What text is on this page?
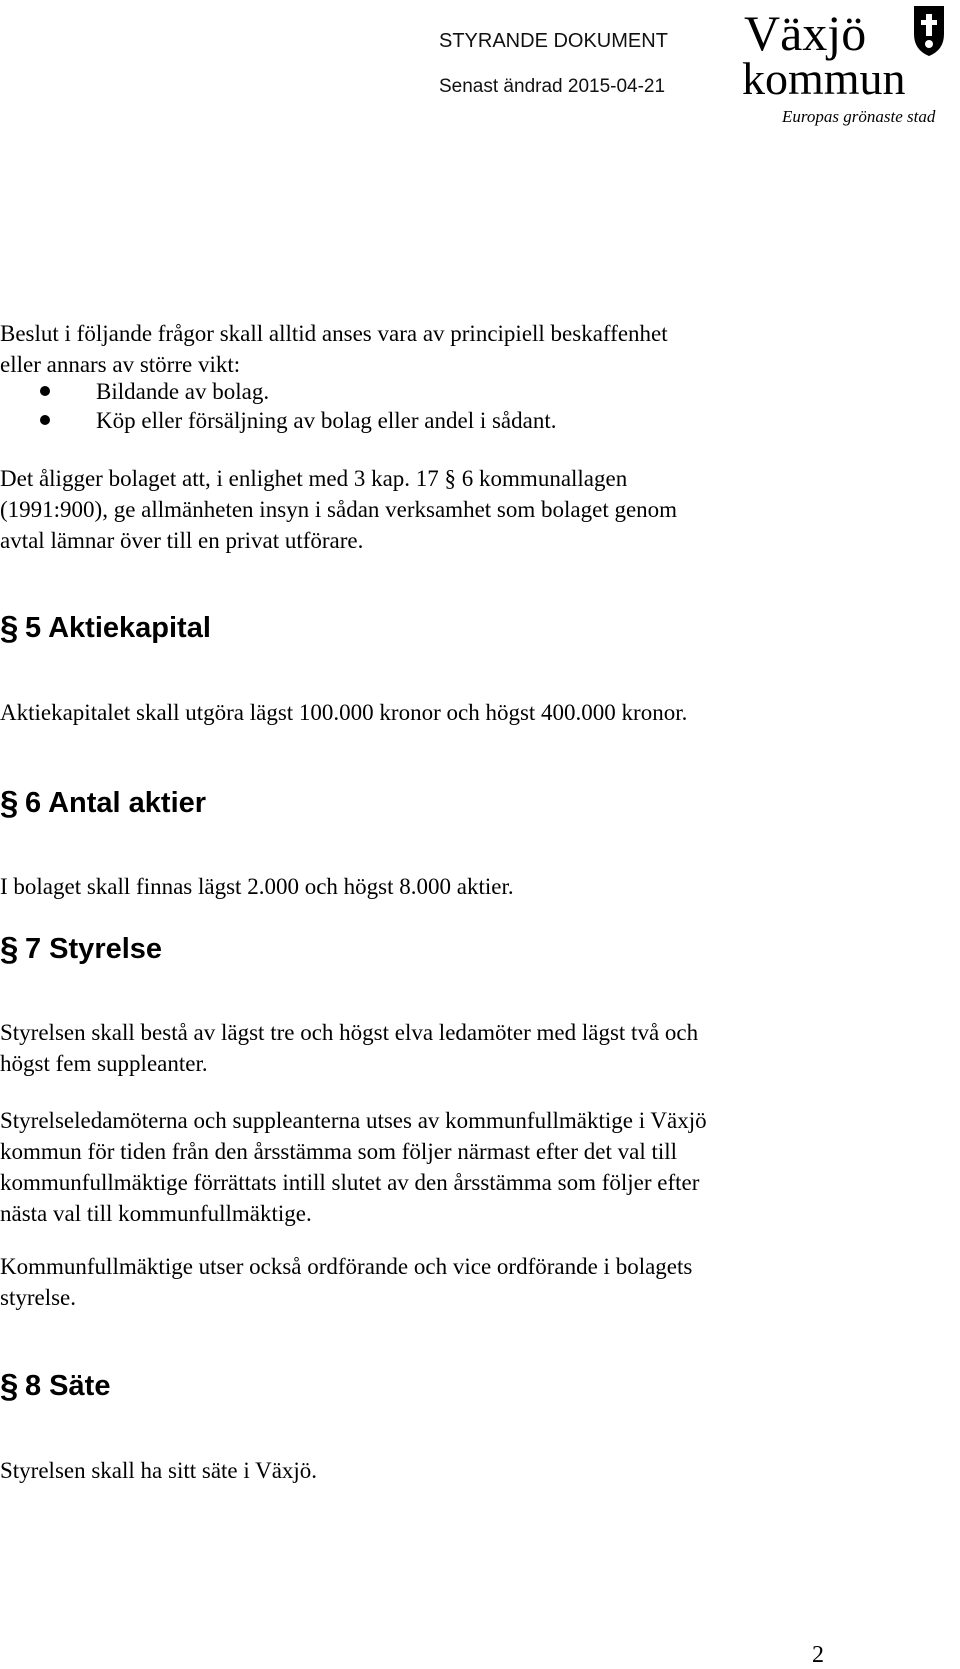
STYRANDE DOKUMENT
Senast ändrad 2015-04-21
Växjö
kommun
Europas grönaste stad
Beslut i följande frågor skall alltid anses vara av principiell beskaffenhet
eller annars av större vikt:
Bildande av bolag.
Köp eller försäljning av bolag eller andel i sådant.
Det åligger bolaget att, i enlighet med 3 kap. 17 § 6 kommunallagen
(1991:900), ge allmänheten insyn i sådan verksamhet som bolaget genom
avtal lämnar över till en privat utförare.
§ 5 Aktiekapital
Aktiekapitalet skall utgöra lägst 100.000 kronor och högst 400.000 kronor.
§ 6 Antal aktier
I bolaget skall finnas lägst 2.000 och högst 8.000 aktier.
§ 7 Styrelse
Styrelsen skall bestå av lägst tre och högst elva ledamöter med lägst två och
högst fem suppleanter.
Styrelseledamöterna och suppleanterna utses av kommunfullmäktige i Växjö
kommun för tiden från den årsstämma som följer närmast efter det val till
kommunfullmäktige förrättats intill slutet av den årsstämma som följer efter
nästa val till kommunfullmäktige.
Kommunfullmäktige utser också ordförande och vice ordförande i bolagets
styrelse.
§ 8 Säte
Styrelsen skall ha sitt säte i Växjö.
2
